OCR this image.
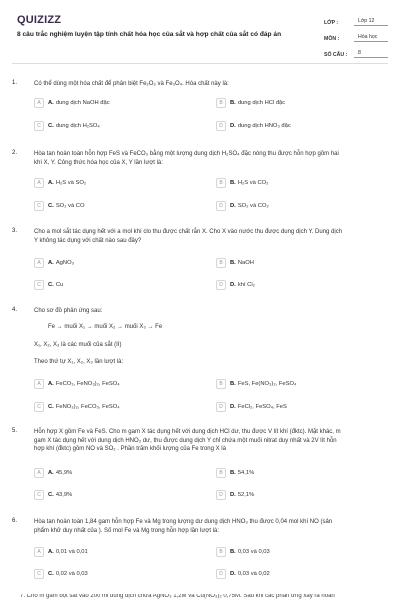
QUIZIZZ
8 câu trắc nghiệm luyện tập tính chất hóa học của sắt và hợp chất của sắt có đáp án
LỚP :	Lớp 12
MÔN :	Hóa học
SỐ CÂU :	8
1.	Có thể dùng một hóa chất để phân biệt Fe₂O₃ và Fe₃O₄. Hóa chất này là:
A	A. dung dịch NaOH đặc	B	B. dung dịch HCl đặc
C	C. dung dịch H₂SO₄	D	D. dung dịch HNO₃ đặc
2.	Hòa tan hoàn toàn hỗn hợp FeS và FeCO₃ bằng một lượng dung dịch H₂SO₄ đặc nóng thu được hỗn hợp gồm hai
khí X, Y. Công thức hóa học của X, Y lần lượt là:
A	A. H₂S và SO₂	B	B. H₂S và CO₂
C	C. SO₂ và CO	D	D. SO₂ và CO₂
3.	Cho a mol sắt tác dụng hết với a mol khí clo thu được chất rắn X. Cho X vào nước thu được dung dịch Y. Dung dịch
Y không tác dụng với chất nào sau đây?
A	A. AgNO₃	B	B. NaOH
C	C. Cu	D	D. khí Cl₂
4.	Cho sơ đồ phản ứng sau:
Fe → muối X₁ → muối X₂ → muối X₃ → Fe
X₁, X₂, X₃ là các muối của sắt (II)
Theo thứ tự X₁, X₂, X₃ lần lượt là:
A	A. FeCO₃, FeNO₃)₂, FeSO₄	B	B. FeS, Fe(NO₃)₂, FeSO₄
C	C. FeNO₃)₂, FeCO₃, FeSO₄	D	D. FeCl₂, FeSO₄, FeS
5.	Hỗn hợp X gồm Fe và FeS. Cho m gam X tác dụng hết với dung dịch HCl dư, thu được V lít khí (đktc). Mặt khác, m
gam X tác dụng hết với dung dịch HNO₃ dư, thu được dung dịch Y chỉ chứa một muối nitrat duy nhất và 2V lít hỗn
hợp khí (đktc) gồm NO và SO₂ . Phần trăm khối lượng của Fe trong X là
A	A. 45,9%	B	B. 54,1%
C	C. 43,9%	D	D. 52,1%
6.	Hòa tan hoàn toàn 1,84 gam hỗn hợp Fe và Mg trong lượng dư dung dịch HNO₃ thu được 0,04 mol khí NO (sản
phẩm khử duy nhất của ). Số mol Fe và Mg trong hỗn hợp lần lượt là:
A	A. 0,01 và 0,01	B	B. 0,03 và 0,03
C	C. 0,02 và 0,03	D	D. 0,03 và 0,02
7. Cho m gam bột sắt vào 200 ml dung dịch chứa AgNO₃ 1,2M và Cu(NO₃)₂ 0,75M. Sau khi các phản ứng xảy ra hoàn
